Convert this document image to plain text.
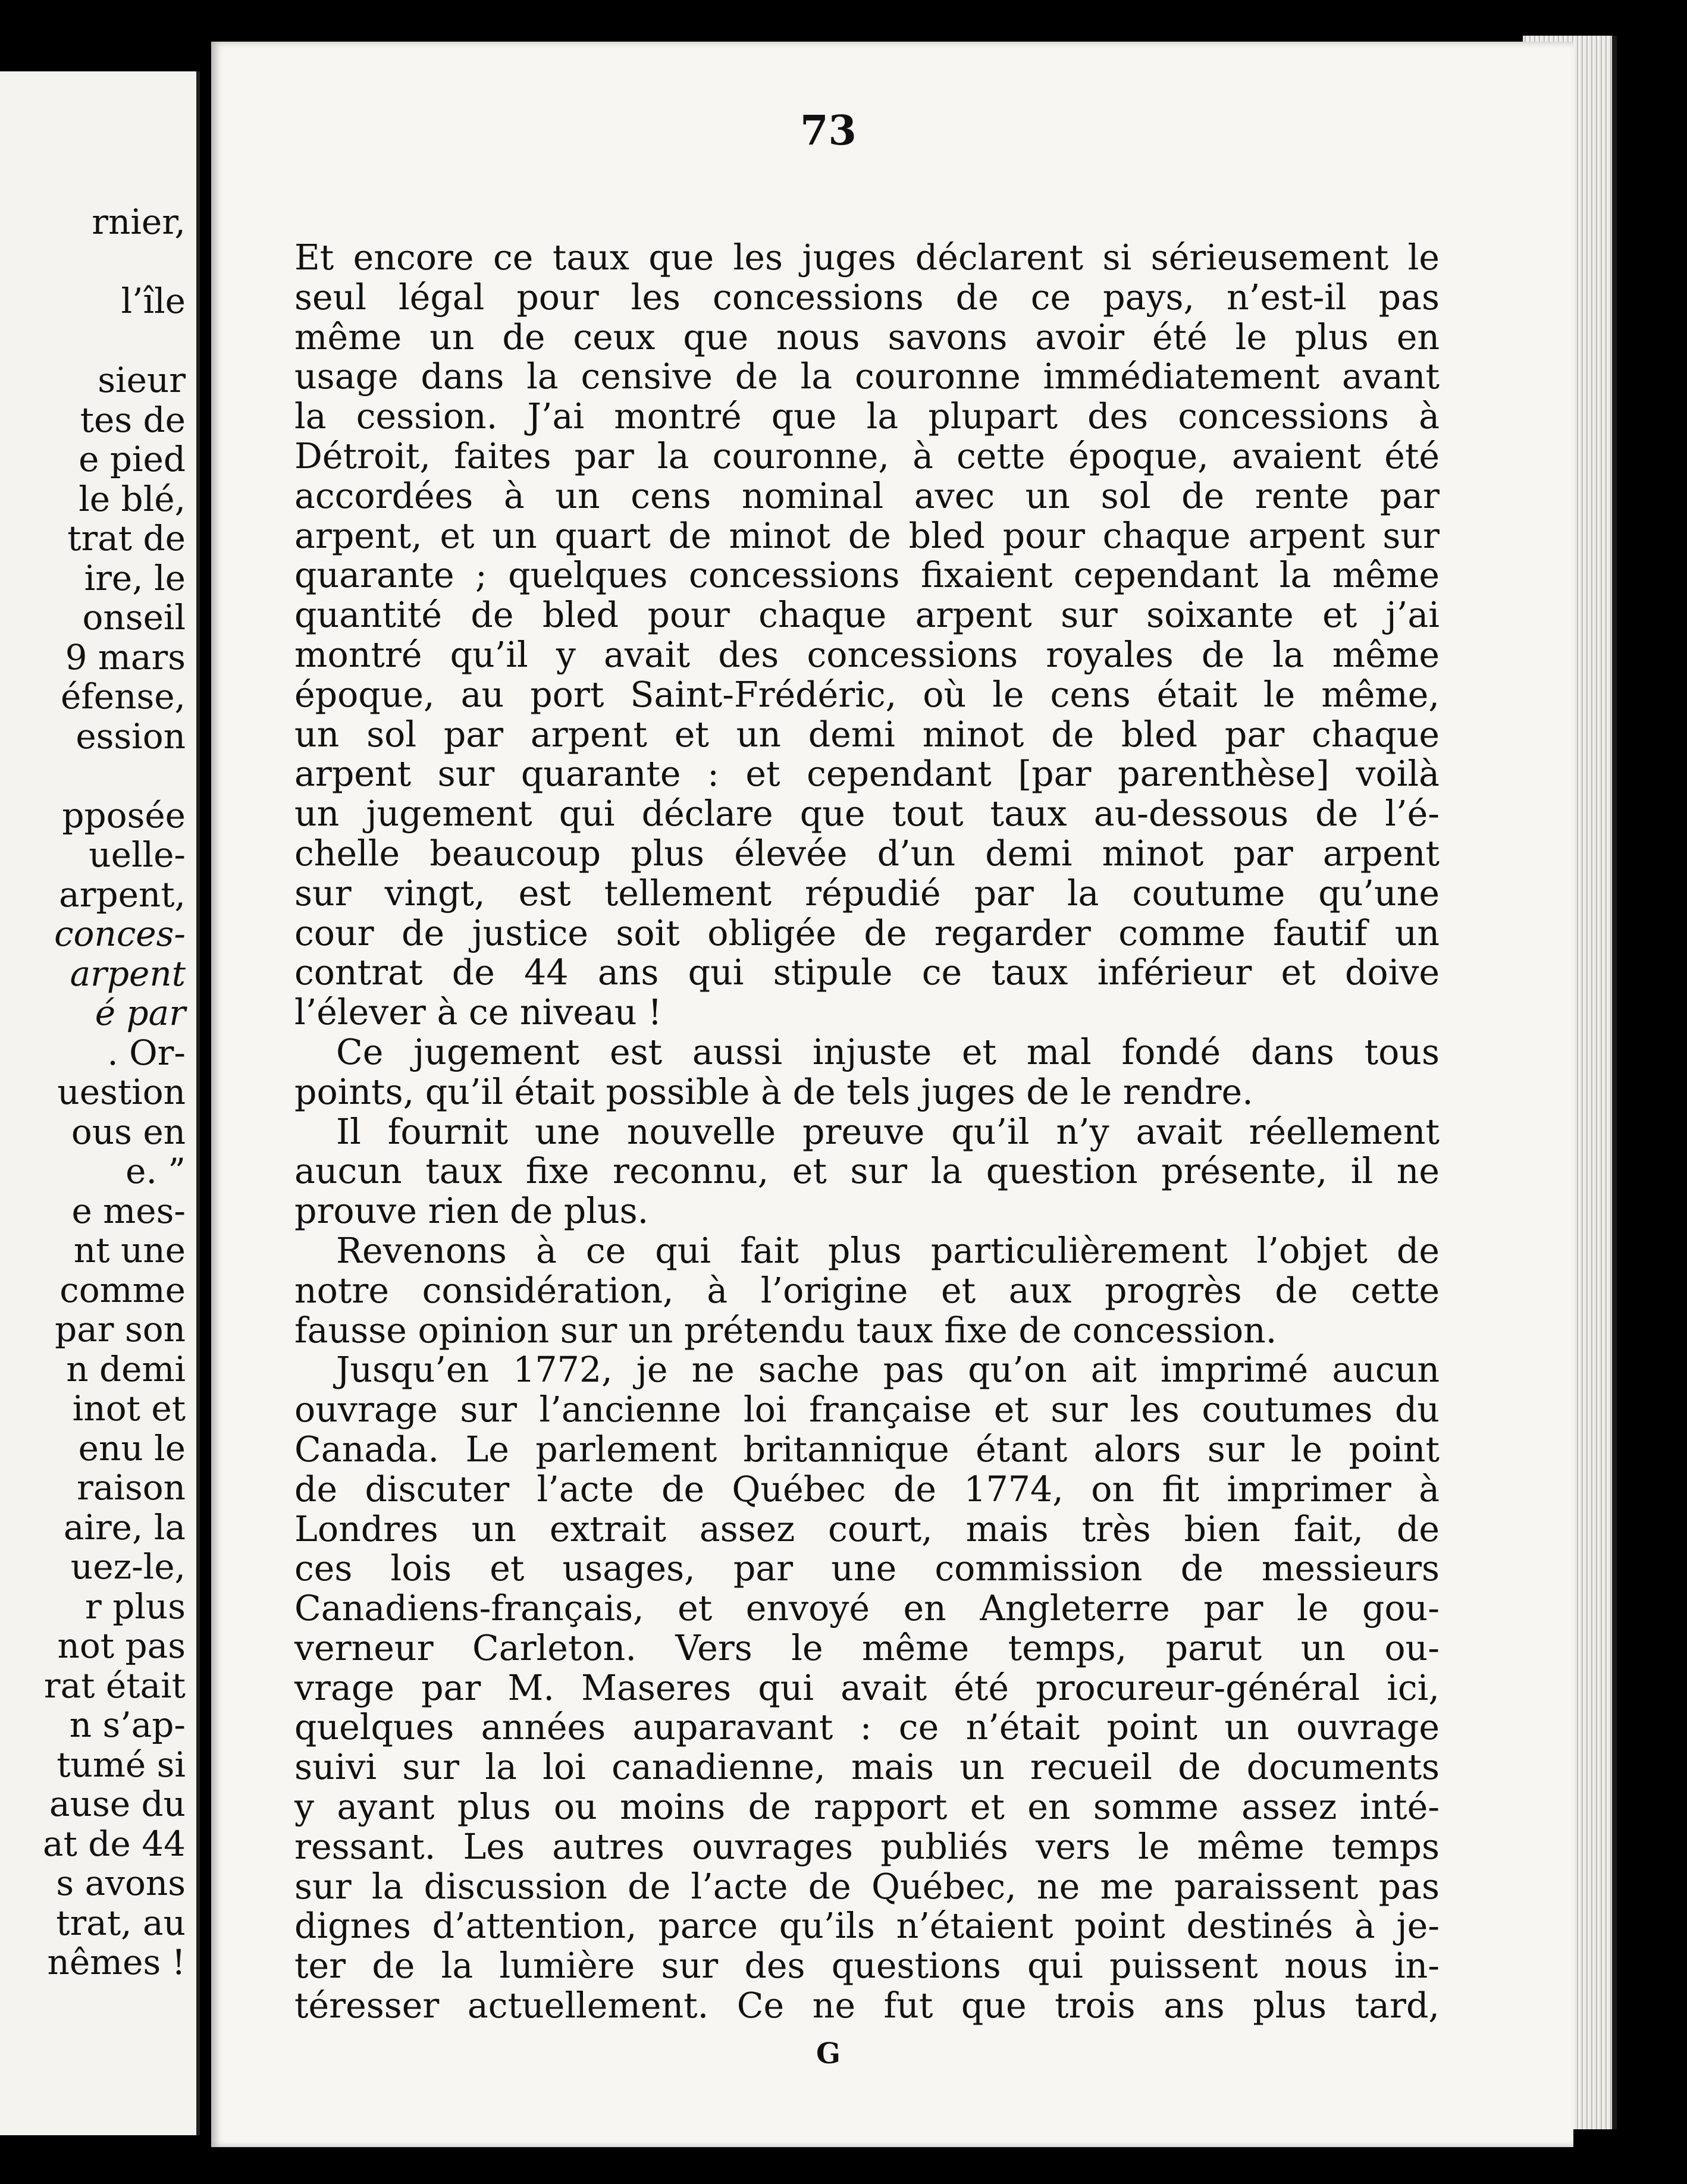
rnier,

l’île

sieur
tes de
e pied
le blé,
trat de
ire, le
onseil
9 mars
éfense,
ession

pposée
uelle-
arpent,
conces-
arpent
é par
. Or-
uestion
ous en
e. ”
e mes-
nt une
comme
par son
n demi
inot et
enu le
raison
aire, la
uez-le,
r plus
not pas
rat était
n s’ap-
tumé si
ause du
at de 44
s avons
trat, au
nêmes !
73
Et encore ce taux que les juges déclarent si sérieusement le
seul légal pour les concessions de ce pays, n’est-il pas
même un de ceux que nous savons avoir été le plus en
usage dans la censive de la couronne immédiatement avant
la cession. J’ai montré que la plupart des concessions à
Détroit, faites par la couronne, à cette époque, avaient été
accordées à un cens nominal avec un sol de rente par
arpent, et un quart de minot de bled pour chaque arpent sur
quarante ; quelques concessions fixaient cependant la même
quantité de bled pour chaque arpent sur soixante et j’ai
montré qu’il y avait des concessions royales de la même
époque, au port Saint-Frédéric, où le cens était le même,
un sol par arpent et un demi minot de bled par chaque
arpent sur quarante : et cependant [par parenthèse] voilà
un jugement qui déclare que tout taux au-dessous de l’é-
chelle beaucoup plus élevée d’un demi minot par arpent
sur vingt, est tellement répudié par la coutume qu’une
cour de justice soit obligée de regarder comme fautif un
contrat de 44 ans qui stipule ce taux inférieur et doive
l’élever à ce niveau !
Ce jugement est aussi injuste et mal fondé dans tous
points, qu’il était possible à de tels juges de le rendre.
Il fournit une nouvelle preuve qu’il n’y avait réellement
aucun taux fixe reconnu, et sur la question présente, il ne
prouve rien de plus.
Revenons à ce qui fait plus particulièrement l’objet de
notre considération, à l’origine et aux progrès de cette
fausse opinion sur un prétendu taux fixe de concession.
Jusqu’en 1772, je ne sache pas qu’on ait imprimé aucun
ouvrage sur l’ancienne loi française et sur les coutumes du
Canada. Le parlement britannique étant alors sur le point
de discuter l’acte de Québec de 1774, on fit imprimer à
Londres un extrait assez court, mais très bien fait, de
ces lois et usages, par une commission de messieurs
Canadiens-français, et envoyé en Angleterre par le gou-
verneur Carleton. Vers le même temps, parut un ou-
vrage par M. Maseres qui avait été procureur-général ici,
quelques années auparavant : ce n’était point un ouvrage
suivi sur la loi canadienne, mais un recueil de documents
y ayant plus ou moins de rapport et en somme assez inté-
ressant. Les autres ouvrages publiés vers le même temps
sur la discussion de l’acte de Québec, ne me paraissent pas
dignes d’attention, parce qu’ils n’étaient point destinés à je-
ter de la lumière sur des questions qui puissent nous in-
téresser actuellement. Ce ne fut que trois ans plus tard,
G
